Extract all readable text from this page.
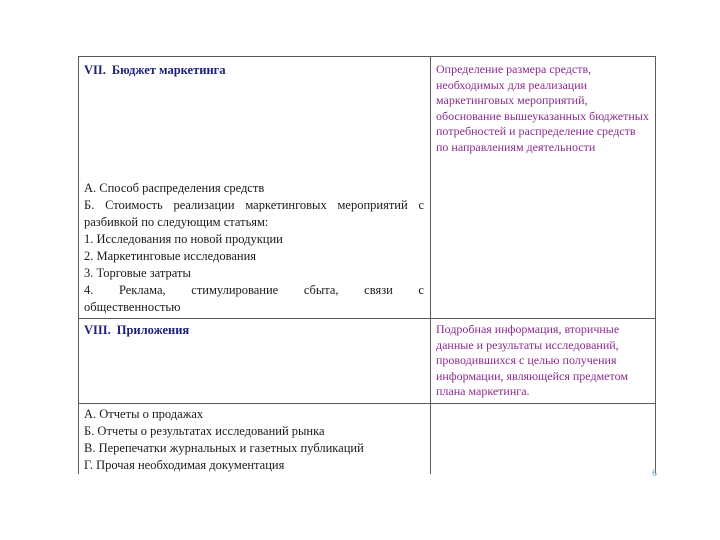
VII. Бюджет маркетинга	Определение размера средств, необходимых для реализации маркетинговых мероприятий, обоснование вышеуказанных бюджетных потребностей и распределение средств по направлениям деятельности
А. Способ распределения средств
Б. Стоимость реализации маркетинговых мероприятий с разбивкой по следующим статьям:
1. Исследования по новой продукции
2. Маркетинговые исследования
3. Торговые затраты
4. Реклама, стимулирование сбыта, связи с
общественностью
VIII. Приложения	Подробная информация, вторичные данные и результаты исследований, проводившихся с целью получения информации, являющейся предметом плана маркетинга.
А. Отчеты о продажах
Б. Отчеты о результатах исследований рынка
В. Перепечатки журнальных и газетных публикаций
Г. Прочая необходимая документация
6
